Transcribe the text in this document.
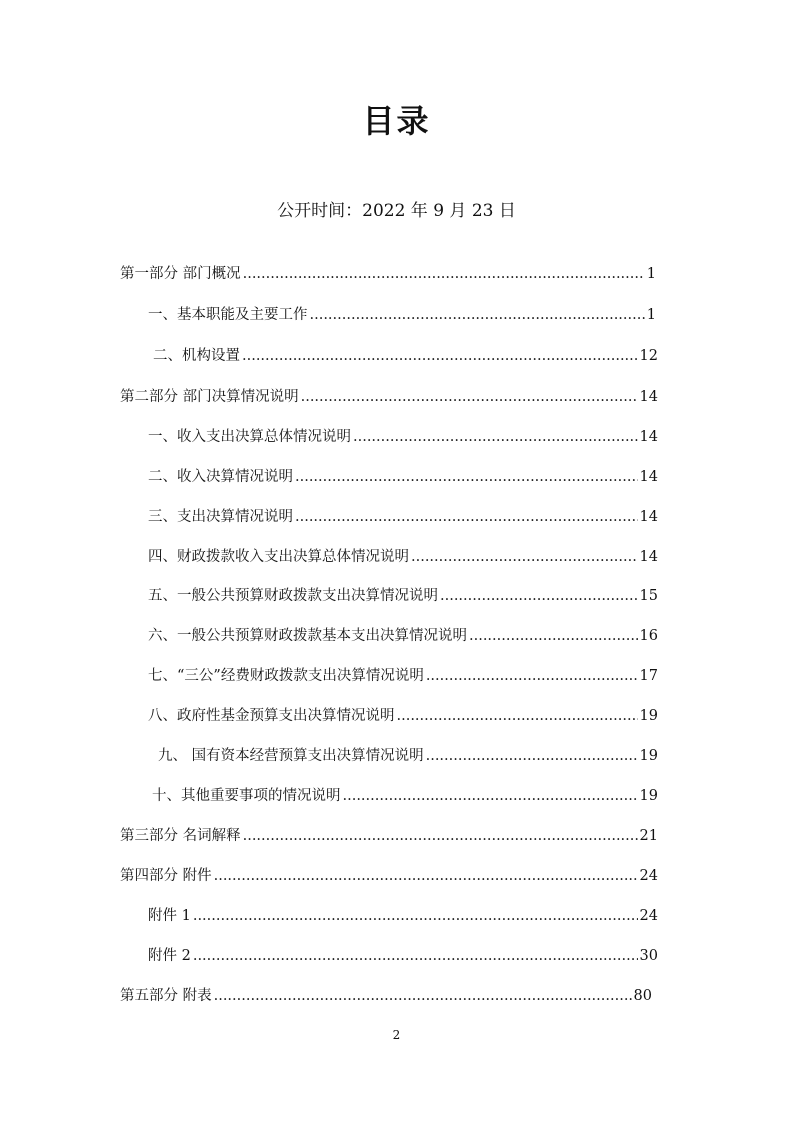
目录
公开时间：2022 年 9 月 23 日
第一部分 部门概况 .....	1
一、基本职能及主要工作 .....	1
二、机构设置 .....	12
第二部分 部门决算情况说明 .....	14
一、收入支出决算总体情况说明 .....	14
二、收入决算情况说明 .....	14
三、支出决算情况说明 .....	14
四、财政拨款收入支出决算总体情况说明 .....	14
五、一般公共预算财政拨款支出决算情况说明 .....	15
六、一般公共预算财政拨款基本支出决算情况说明 .....	16
七、“三公”经费财政拨款支出决算情况说明 .....	17
八、政府性基金预算支出决算情况说明 .....	19
九、 国有资本经营预算支出决算情况说明 .....	19
十、其他重要事项的情况说明 .....	19
第三部分 名词解释 .....	21
第四部分 附件 .....	24
附件 1 .....	24
附件 2 .....	30
第五部分 附表 .....	80
2
